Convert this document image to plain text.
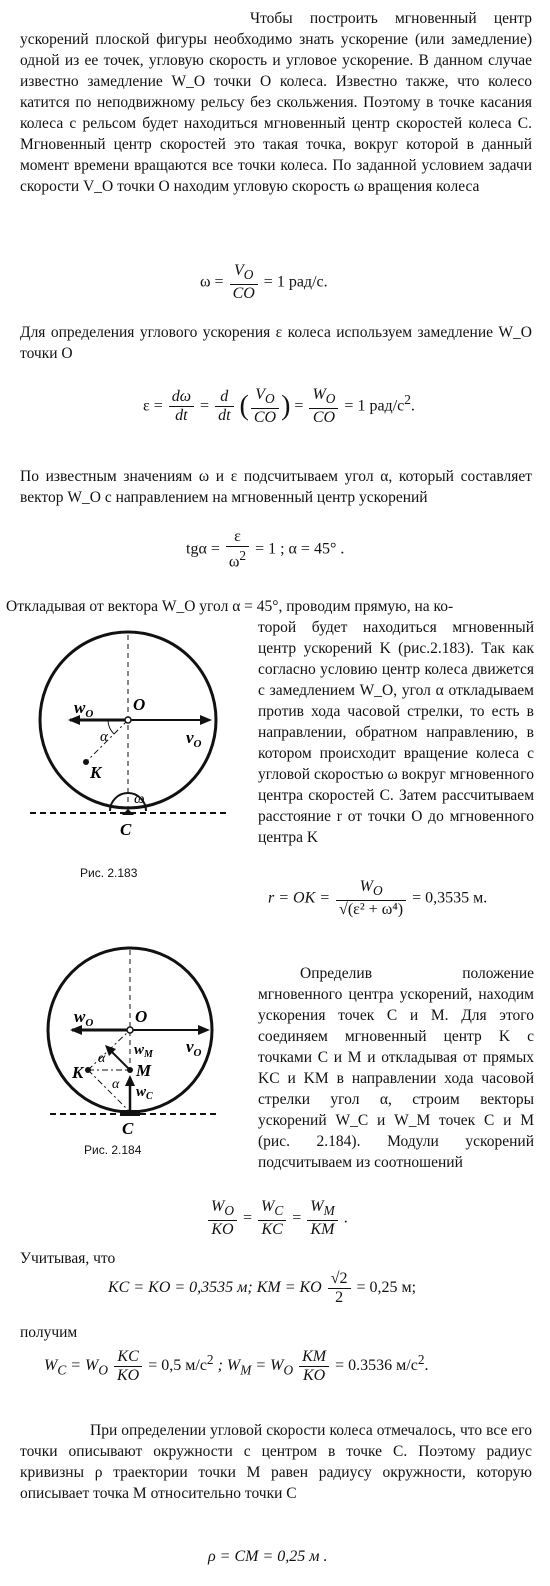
Чтобы построить мгновенный центр ускорений плоской фигуры необходимо знать ускорение (или замедление) одной из ее точек, угловую скорость и угловое ускорение. В данном случае известно замедление W_O точки O колеса. Известно также, что колесо катится по неподвижному рельсу без скольжения. Поэтому в точке касания колеса с рельсом будет находиться мгновенный центр скоростей колеса C. Мгновенный центр скоростей это такая точка, вокруг которой в данный момент времени вращаются все точки колеса. По заданной условием задачи скорости V_O точки O находим угловую скорость ω вращения колеса
$\omega = \frac{V_O}{CO} = 1$ рад/с.
Для определения углового ускорения ε колеса используем замедление W_O точки O
$\varepsilon = \frac{d\omega}{dt} = \frac{d}{dt}$ ( $\frac{V_O}{CO}$ ) = $\frac{W_O}{CO} = 1$ рад/$с^2$.
По известным значениям ω и ε подсчитываем угол α, который составляет вектор W_O с направлением на мгновенный центр ускорений
$tg\alpha = \frac{\varepsilon}{\omega^2} = 1$ ; α = 45° .
Откладывая от вектора W_O угол α = 45°, проводим прямую, на ко-
$w_O$ O
$v_O$
α
K
ω
C
Рис. 2.183
торой будет находиться мгновенный центр ускорений K (рис.2.183). Так как согласно условию центр колеса движется с замедлением W_O, угол α откладываем против хода часовой стрелки, то есть в направлении, обратном направлению, в котором происходит вращение колеса с угловой скоростью ω вокруг мгновенного центра скоростей C. Затем рассчитываем расстояние r от точки O до мгновенного центра K
r = OK = $\frac{W_O}{\text{√(ε² + ω⁴)}} = 0,3535$ м.
$w_O$ O
$v_O$
$w_M$
M
K
α
α $w_C$
C
Рис. 2.184
Определив положение мгновенного центра ускорений, находим ускорения точек C и M. Для этого соединяем мгновенный центр K с точками C и M и откладывая от прямых KC и KM в направлении хода часовой стрелки угол α, строим векторы ускорений W_C и W_M точек C и M (рис. 2.184). Модули ускорений подсчитываем из соотношений
$\frac{W_O}{KO} = \frac{W_C}{KC} = \frac{W_M}{KM}$ .
Учитывая, что
KC = KO = 0,3535 м; KM = KO $\frac{√2}{2} = 0,25$ м;
получим
$W_C = W_O \frac{KC}{KO} = 0,5$ $м/с^2$ ; $W_M = W_O \frac{KM}{KO} = 0.3536$ $м/с^2$.
При определении угловой скорости колеса отмечалось, что все его точки описывают окружности с центром в точке C. Поэтому радиус кривизны ρ траектории точки M равен радиусу окружности, которую описывает точка M относительно точки C
ρ = CM = 0,25 м .
